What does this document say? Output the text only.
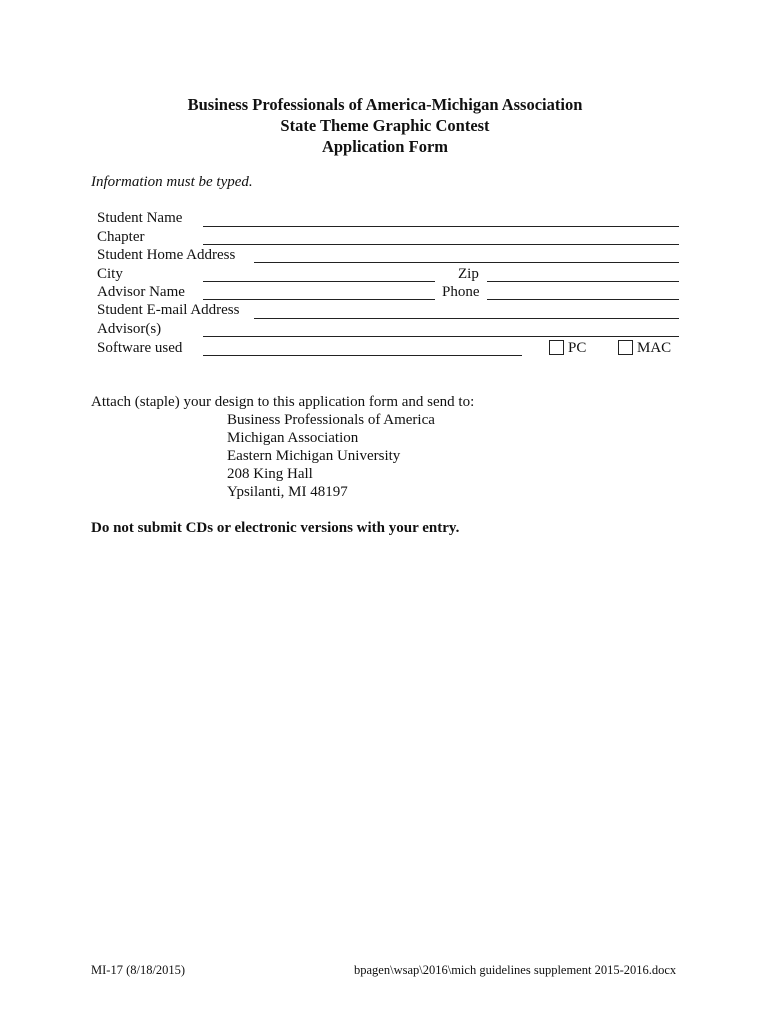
Business Professionals of America-Michigan Association
State Theme Graphic Contest
Application Form
Information must be typed.
Student Name
Chapter
Student Home Address
City	Zip
Advisor Name	Phone
Student E-mail Address
Advisor(s)
Software used	PC	MAC
Attach (staple) your design to this application form and send to:
Business Professionals of America
Michigan Association
Eastern Michigan University
208 King Hall
Ypsilanti, MI 48197
Do not submit CDs or electronic versions with your entry.
MI-17 (8/18/2015)	bpagen\wsap\2016\mich guidelines supplement 2015-2016.docx
